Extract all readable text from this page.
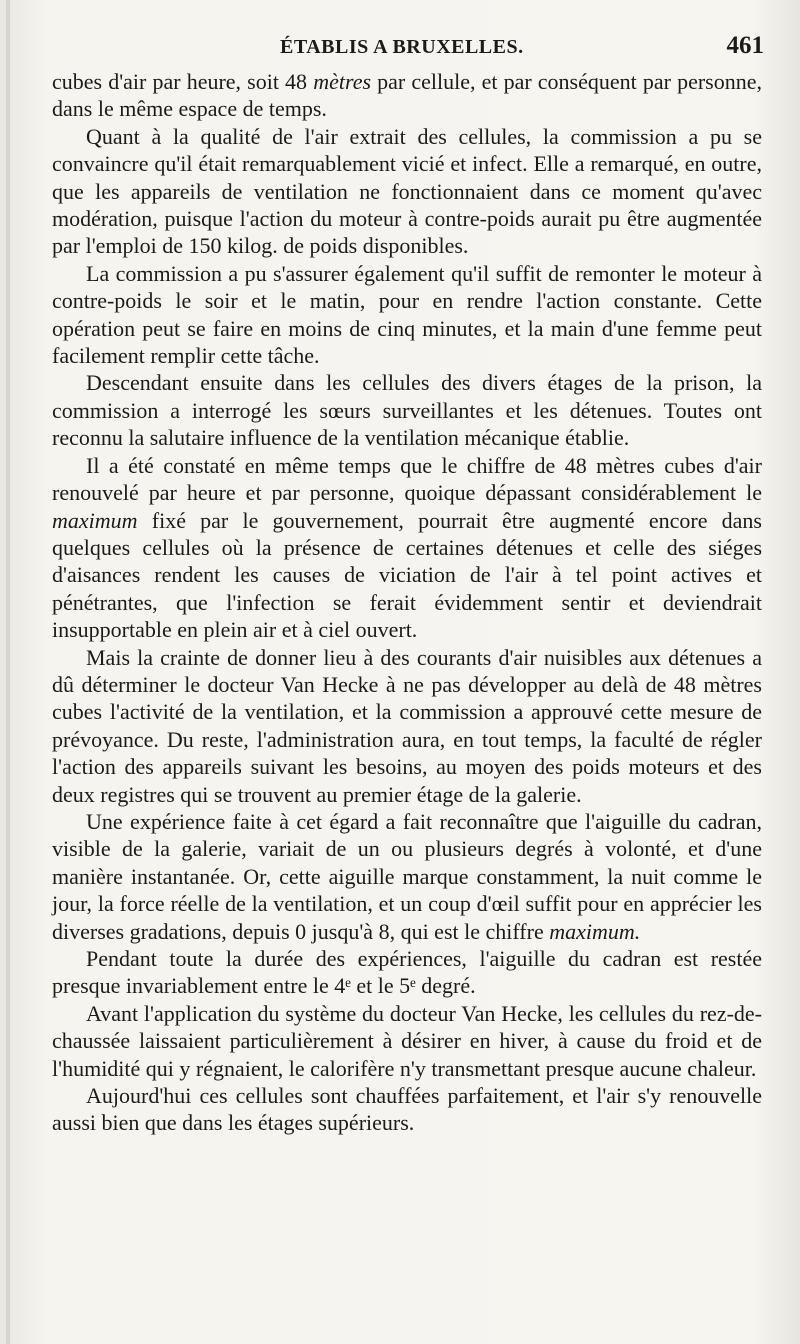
ÉTABLIS A BRUXELLES.	461

cubes d'air par heure, soit 48 mètres par cellule, et par conséquent par personne, dans le même espace de temps.

Quant à la qualité de l'air extrait des cellules, la commission a pu se convaincre qu'il était remarquablement vicié et infect. Elle a remarqué, en outre, que les appareils de ventilation ne fonctionnaient dans ce moment qu'avec modération, puisque l'action du moteur à contre-poids aurait pu être augmentée par l'emploi de 150 kilog. de poids disponibles.

La commission a pu s'assurer également qu'il suffit de remonter le moteur à contre-poids le soir et le matin, pour en rendre l'action constante. Cette opération peut se faire en moins de cinq minutes, et la main d'une femme peut facilement remplir cette tâche.

Descendant ensuite dans les cellules des divers étages de la prison, la commission a interrogé les sœurs surveillantes et les détenues. Toutes ont reconnu la salutaire influence de la ventilation mécanique établie.

Il a été constaté en même temps que le chiffre de 48 mètres cubes d'air renouvelé par heure et par personne, quoique dépassant considérablement le maximum fixé par le gouvernement, pourrait être augmenté encore dans quelques cellules où la présence de certaines détenues et celle des siéges d'aisances rendent les causes de viciation de l'air à tel point actives et pénétrantes, que l'infection se ferait évidemment sentir et deviendrait insupportable en plein air et à ciel ouvert.

Mais la crainte de donner lieu à des courants d'air nuisibles aux détenues a dû déterminer le docteur Van Hecke à ne pas développer au delà de 48 mètres cubes l'activité de la ventilation, et la commission a approuvé cette mesure de prévoyance. Du reste, l'administration aura, en tout temps, la faculté de régler l'action des appareils suivant les besoins, au moyen des poids moteurs et des deux registres qui se trouvent au premier étage de la galerie.

Une expérience faite à cet égard a fait reconnaître que l'aiguille du cadran, visible de la galerie, variait de un ou plusieurs degrés à volonté, et d'une manière instantanée. Or, cette aiguille marque constamment, la nuit comme le jour, la force réelle de la ventilation, et un coup d'œil suffit pour en apprécier les diverses gradations, depuis 0 jusqu'à 8, qui est le chiffre maximum.

Pendant toute la durée des expériences, l'aiguille du cadran est restée presque invariablement entre le 4ᵉ et le 5ᵉ degré.

Avant l'application du système du docteur Van Hecke, les cellules du rez-de-chaussée laissaient particulièrement à désirer en hiver, à cause du froid et de l'humidité qui y régnaient, le calorifère n'y transmettant presque aucune chaleur.

Aujourd'hui ces cellules sont chauffées parfaitement, et l'air s'y renouvelle aussi bien que dans les étages supérieurs.
